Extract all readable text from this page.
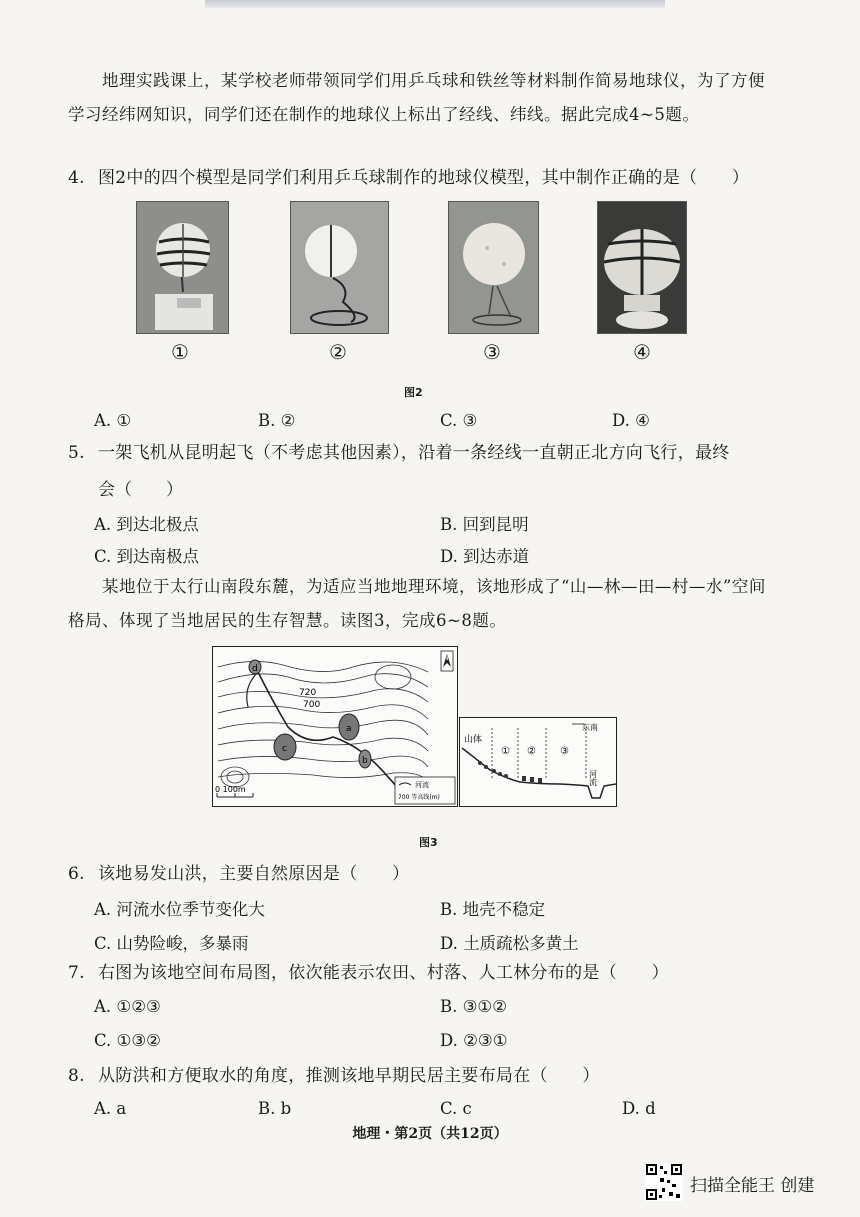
地理实践课上，某学校老师带领同学们用乒乓球和铁丝等材料制作简易地球仪，为了方便学习经纬网知识，同学们还在制作的地球仪上标出了经线、纬线。据此完成4~5题。
4. 图2中的四个模型是同学们利用乒乓球制作的地球仪模型，其中制作正确的是（　　）
①	②	③	④
图2
A. ①	B. ②	C. ③	D. ④
5. 一架飞机从昆明起飞（不考虑其他因素），沿着一条经线一直朝正北方向飞行，最终
会（　　）
A. 到达北极点	B. 回到昆明
C. 到达南极点	D. 到达赤道
某地位于太行山南段东麓，为适应当地地理环境，该地形成了“山—林—田—村—水”空间格局、体现了当地居民的生存智慧。读图3，完成6~8题。
a
b
c
d
720
700
N
0 100m	河流
700 等高线(m)
东南
山体
① ② ③
河流
图3
6. 该地易发山洪，主要自然原因是（　　）
A. 河流水位季节变化大	B. 地壳不稳定
C. 山势险峻，多暴雨	D. 土质疏松多黄土
7. 右图为该地空间布局图，依次能表示农田、村落、人工林分布的是（　　）
A. ①②③	B. ③①②
C. ①③②	D. ②③①
8. 从防洪和方便取水的角度，推测该地早期民居主要布局在（　　）
A. a	B. b	C. c	D. d
地理・第2页（共12页）
扫描全能王 创建
